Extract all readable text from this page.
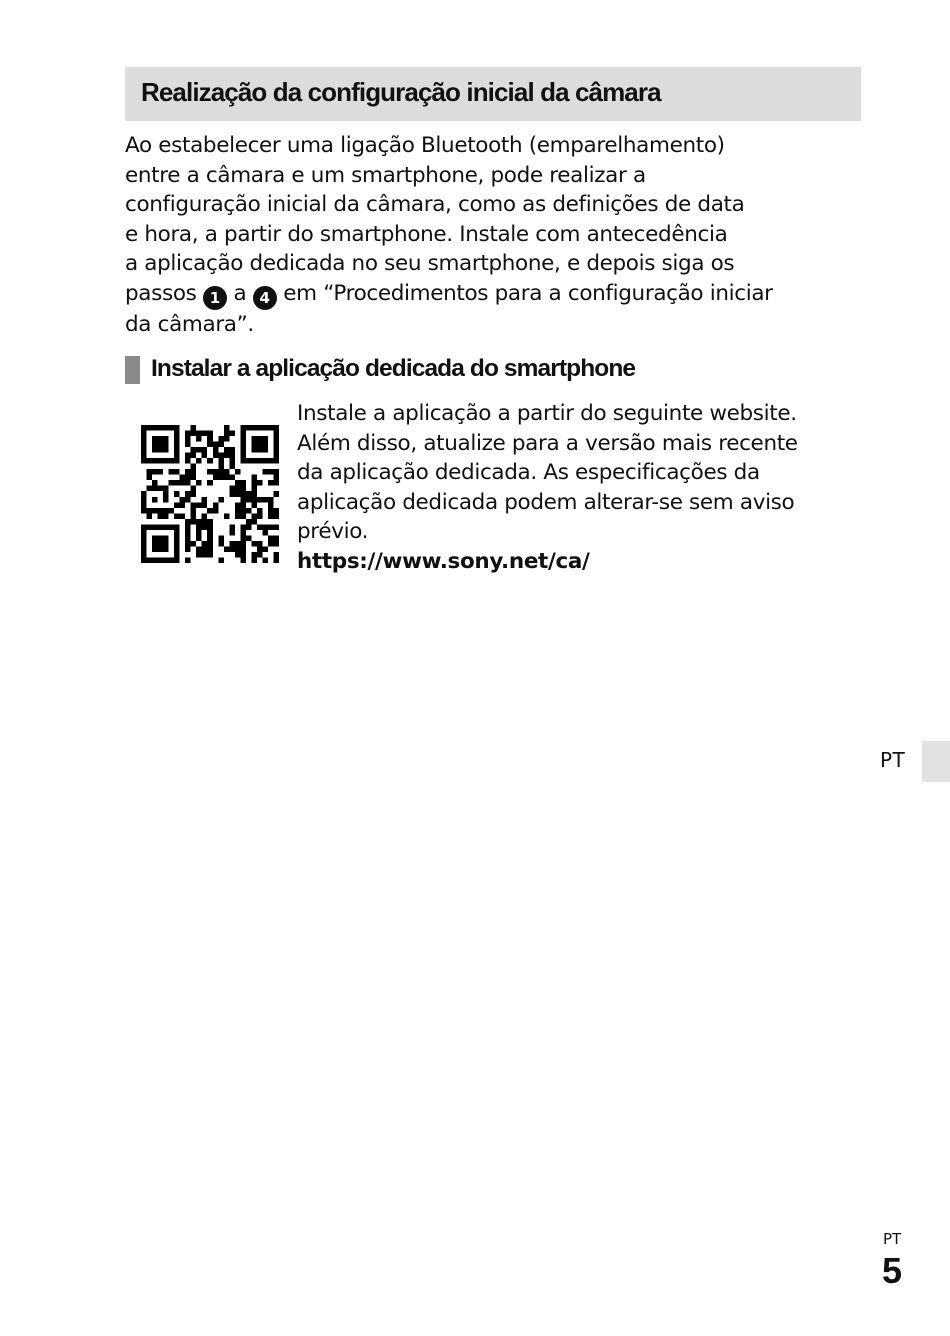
Realização da configuração inicial da câmara
Ao estabelecer uma ligação Bluetooth (emparelhamento)
entre a câmara e um smartphone, pode realizar a
configuração inicial da câmara, como as definições de data
e hora, a partir do smartphone. Instale com antecedência
a aplicação dedicada no seu smartphone, e depois siga os
passos 1 a 4 em “Procedimentos para a configuração iniciar
da câmara”.
Instalar a aplicação dedicada do smartphone
Instale a aplicação a partir do seguinte website.
Além disso, atualize para a versão mais recente
da aplicação dedicada. As especificações da
aplicação dedicada podem alterar-se sem aviso
prévio.
https://www.sony.net/ca/
PT
PT
5
